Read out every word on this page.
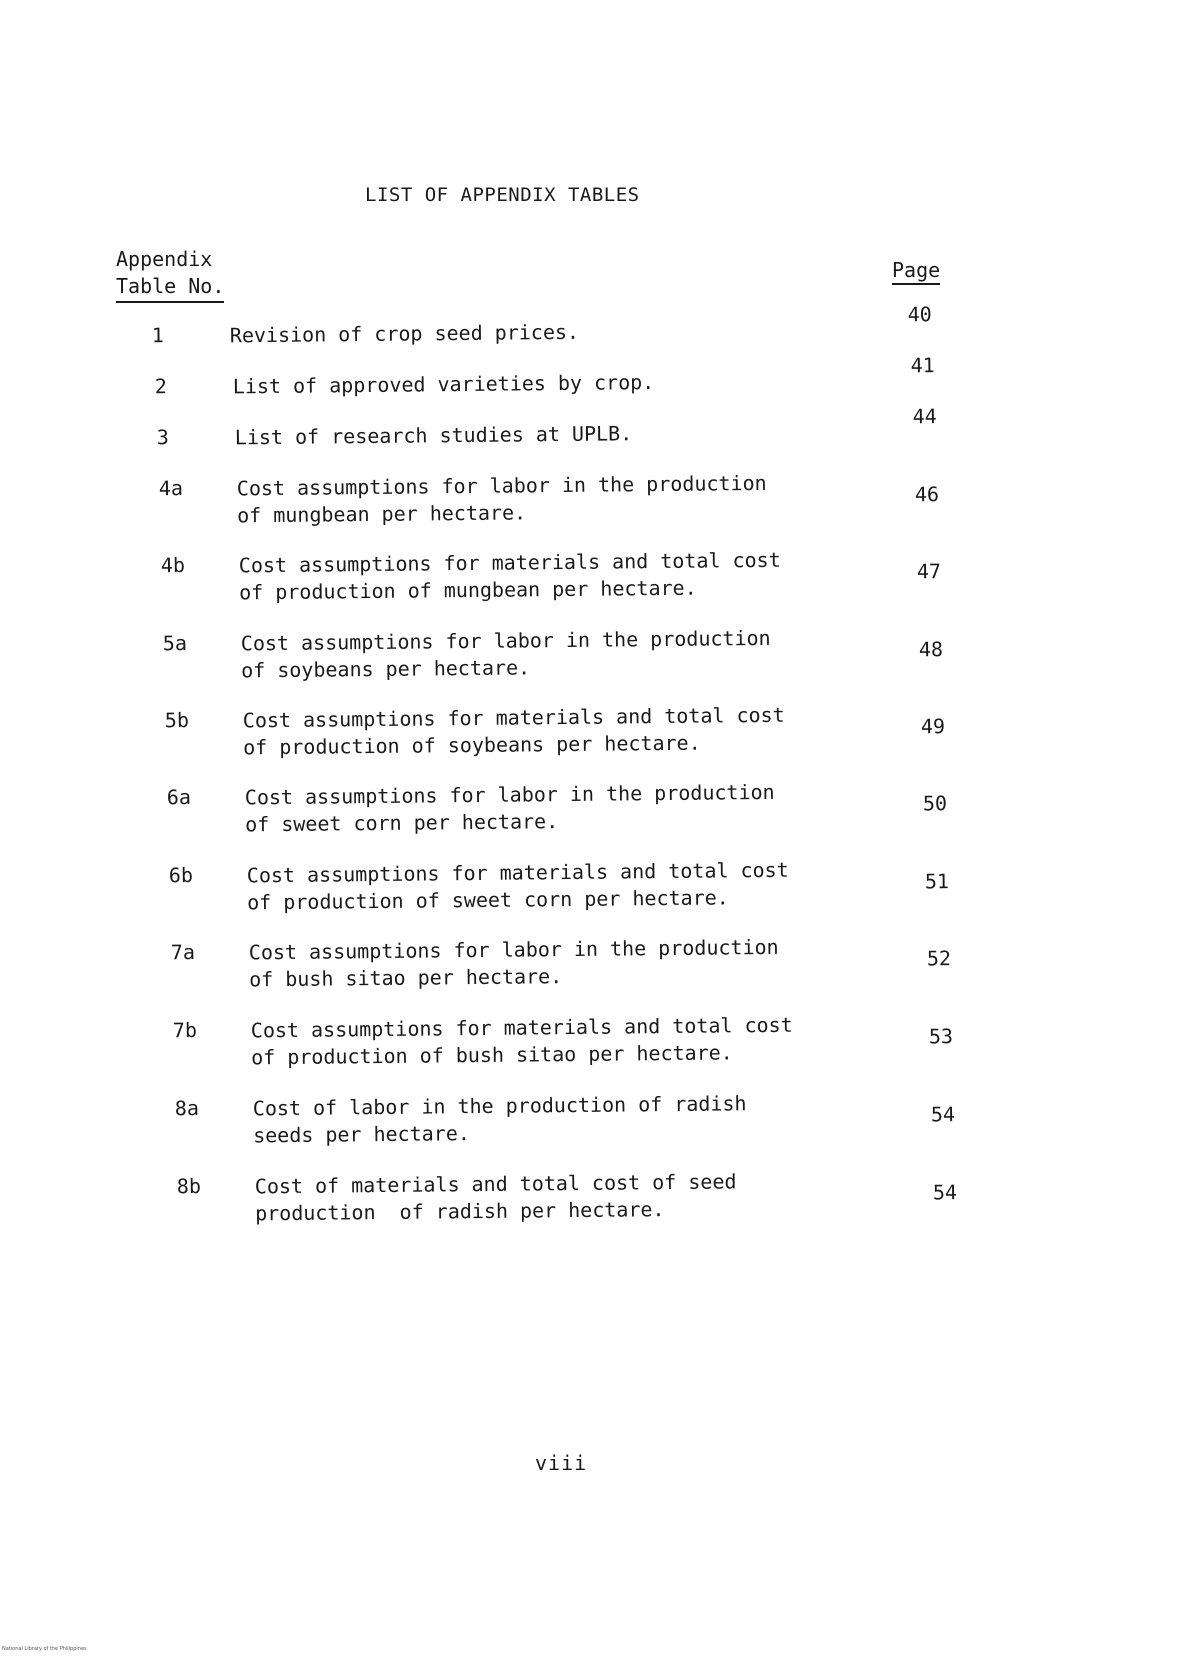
LIST OF APPENDIX TABLES
Appendix
Table No.
Page
1	Revision of crop seed prices.
40
2	List of approved varieties by crop.
41
3	List of research studies at UPLB.
44
4a	Cost assumptions for labor in the production
of mungbean per hectare.
46
4b	Cost assumptions for materials and total cost
of production of mungbean per hectare.
47
5a	Cost assumptions for labor in the production
of soybeans per hectare.
48
5b	Cost assumptions for materials and total cost
of production of soybeans per hectare.
49
6a	Cost assumptions for labor in the production
of sweet corn per hectare.
50
6b	Cost assumptions for materials and total cost
of production of sweet corn per hectare.
51
7a	Cost assumptions for labor in the production
of bush sitao per hectare.
52
7b	Cost assumptions for materials and total cost
of production of bush sitao per hectare.
53
8a	Cost of labor in the production of radish
seeds per hectare.
54
8b	Cost of materials and total cost of seed
production  of radish per hectare.
54
viii
National Library of the Philippines
